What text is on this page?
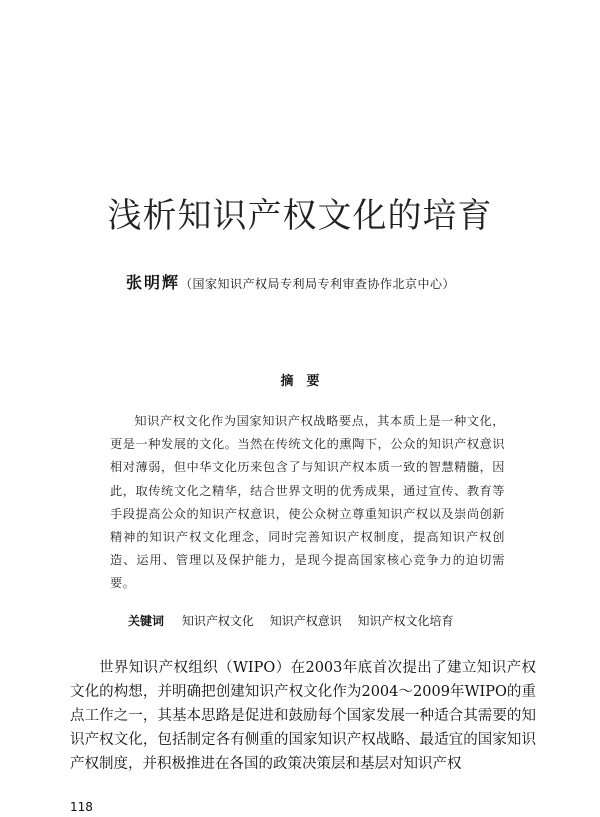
浅析知识产权文化的培育
张明辉（国家知识产权局专利局专利审查协作北京中心）
摘　要
知识产权文化作为国家知识产权战略要点，其本质上是一种文化，更是一种发展的文化。当然在传统文化的熏陶下，公众的知识产权意识相对薄弱，但中华文化历来包含了与知识产权本质一致的智慧精髓，因此，取传统文化之精华，结合世界文明的优秀成果，通过宣传、教育等手段提高公众的知识产权意识，使公众树立尊重知识产权以及崇尚创新精神的知识产权文化理念，同时完善知识产权制度，提高知识产权创造、运用、管理以及保护能力，是现今提高国家核心竞争力的迫切需要。
关键词 知识产权文化 知识产权意识 知识产权文化培育
世界知识产权组织（WIPO）在2003年底首次提出了建立知识产权文化的构想，并明确把创建知识产权文化作为2004～2009年WIPO的重点工作之一，其基本思路是促进和鼓励每个国家发展一种适合其需要的知识产权文化，包括制定各有侧重的国家知识产权战略、最适宜的国家知识产权制度，并积极推进在各国的政策决策层和基层对知识产权
118
